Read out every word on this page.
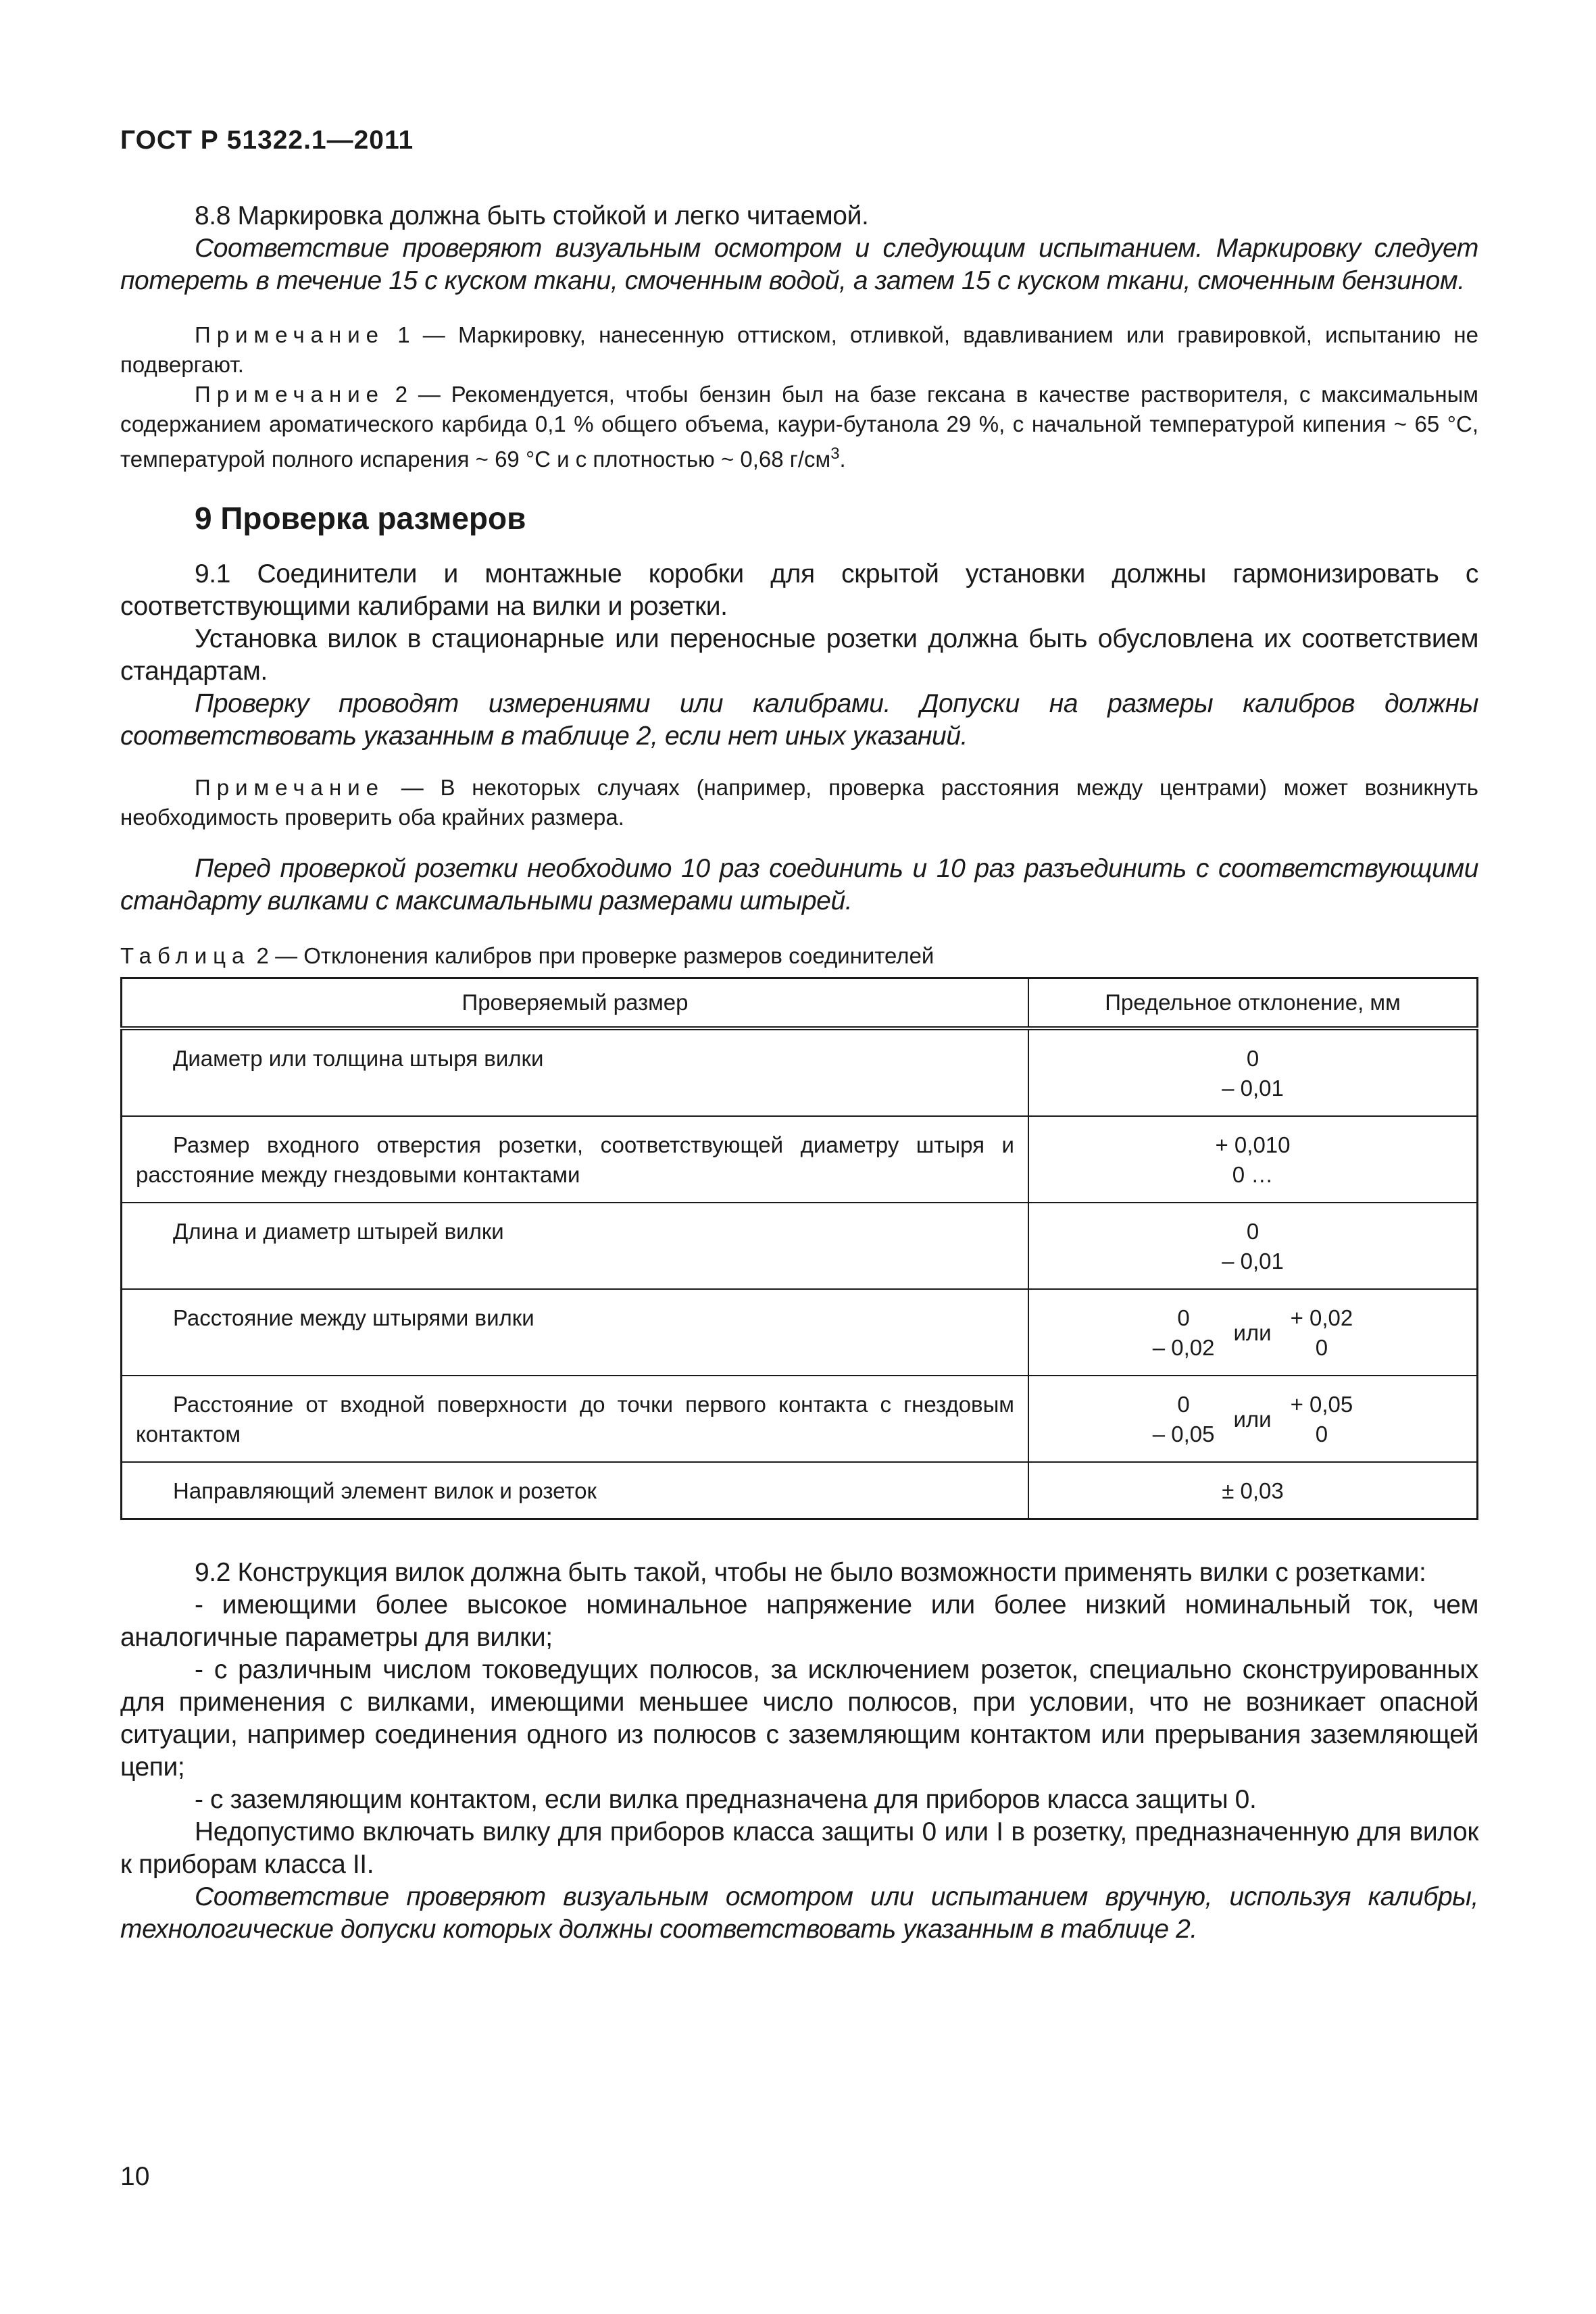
ГОСТ Р 51322.1—2011

8.8 Маркировка должна быть стойкой и легко читаемой.

Соответствие проверяют визуальным осмотром и следующим испытанием. Маркировку следует потереть в течение 15 с куском ткани, смоченным водой, а затем 15 с куском ткани, смоченным бензином.

Примечание 1 — Маркировку, нанесенную оттиском, отливкой, вдавливанием или гравировкой, испытанию не подвергают.

Примечание 2 — Рекомендуется, чтобы бензин был на базе гексана в качестве растворителя, с максимальным содержанием ароматического карбида 0,1 % общего объема, каури-бутанола 29 %, с начальной температурой кипения ~ 65 °С, температурой полного испарения ~ 69 °С и с плотностью ~ 0,68 $г/см^3$.

9 Проверка размеров

9.1 Соединители и монтажные коробки для скрытой установки должны гармонизировать с соответствующими калибрами на вилки и розетки.

Установка вилок в стационарные или переносные розетки должна быть обусловлена их соответствием стандартам.

Проверку проводят измерениями или калибрами. Допуски на размеры калибров должны соответствовать указанным в таблице 2, если нет иных указаний.

Примечание — В некоторых случаях (например, проверка расстояния между центрами) может возникнуть необходимость проверить оба крайних размера.

Перед проверкой розетки необходимо 10 раз соединить и 10 раз разъединить с соответствующими стандарту вилками с максимальными размерами штырей.

Таблица 2 — Отклонения калибров при проверке размеров соединителей
Проверяемый размер	Предельное отклонение, мм
Диаметр или толщина штыря вилки	0
– 0,01

Размер входного отверстия розетки, соответствующей диаметру штыря и расстояние между гнездовыми контактами	+ 0,010
0 …

Длина и диаметр штырей вилки	0
– 0,01

Расстояние между штырями вилки	0
– 0,02
или
+ 0,02
0

Расстояние от входной поверхности до точки первого контакта с гнездовым контактом	0
– 0,05
или
+ 0,05
0

Направляющий элемент вилок и розеток	± 0,03

9.2 Конструкция вилок должна быть такой, чтобы не было возможности применять вилки с розетками:

- имеющими более высокое номинальное напряжение или более низкий номинальный ток, чем аналогичные параметры для вилки;

- с различным числом токоведущих полюсов, за исключением розеток, специально сконструированных для применения с вилками, имеющими меньшее число полюсов, при условии, что не возникает опасной ситуации, например соединения одного из полюсов с заземляющим контактом или прерывания заземляющей цепи;

- с заземляющим контактом, если вилка предназначена для приборов класса защиты 0.

Недопустимо включать вилку для приборов класса защиты 0 или I в розетку, предназначенную для вилок к приборам класса II.

Соответствие проверяют визуальным осмотром или испытанием вручную, используя калибры, технологические допуски которых должны соответствовать указанным в таблице 2.

10
